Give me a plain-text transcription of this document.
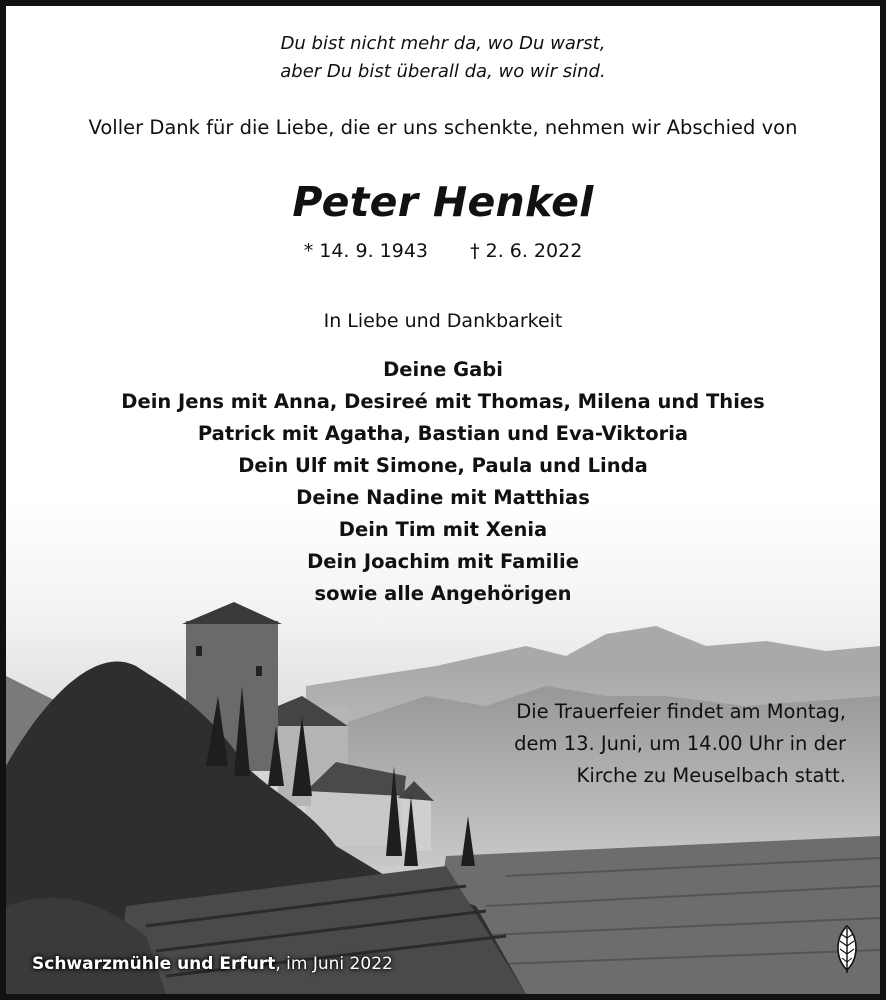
Du bist nicht mehr da, wo Du warst,
aber Du bist überall da, wo wir sind.

Voller Dank für die Liebe, die er uns schenkte, nehmen wir Abschied von

Peter Henkel

* 14. 9. 1943 † 2. 6. 2022

In Liebe und Dankbarkeit

Deine Gabi
Dein Jens mit Anna, Desireé mit Thomas, Milena und Thies
Patrick mit Agatha, Bastian und Eva-Viktoria
Dein Ulf mit Simone, Paula und Linda
Deine Nadine mit Matthias
Dein Tim mit Xenia
Dein Joachim mit Familie
sowie alle Angehörigen
Die Trauerfeier findet am Montag,
dem 13. Juni, um 14.00 Uhr in der
Kirche zu Meuselbach statt.
Schwarzmühle und Erfurt, im Juni 2022
